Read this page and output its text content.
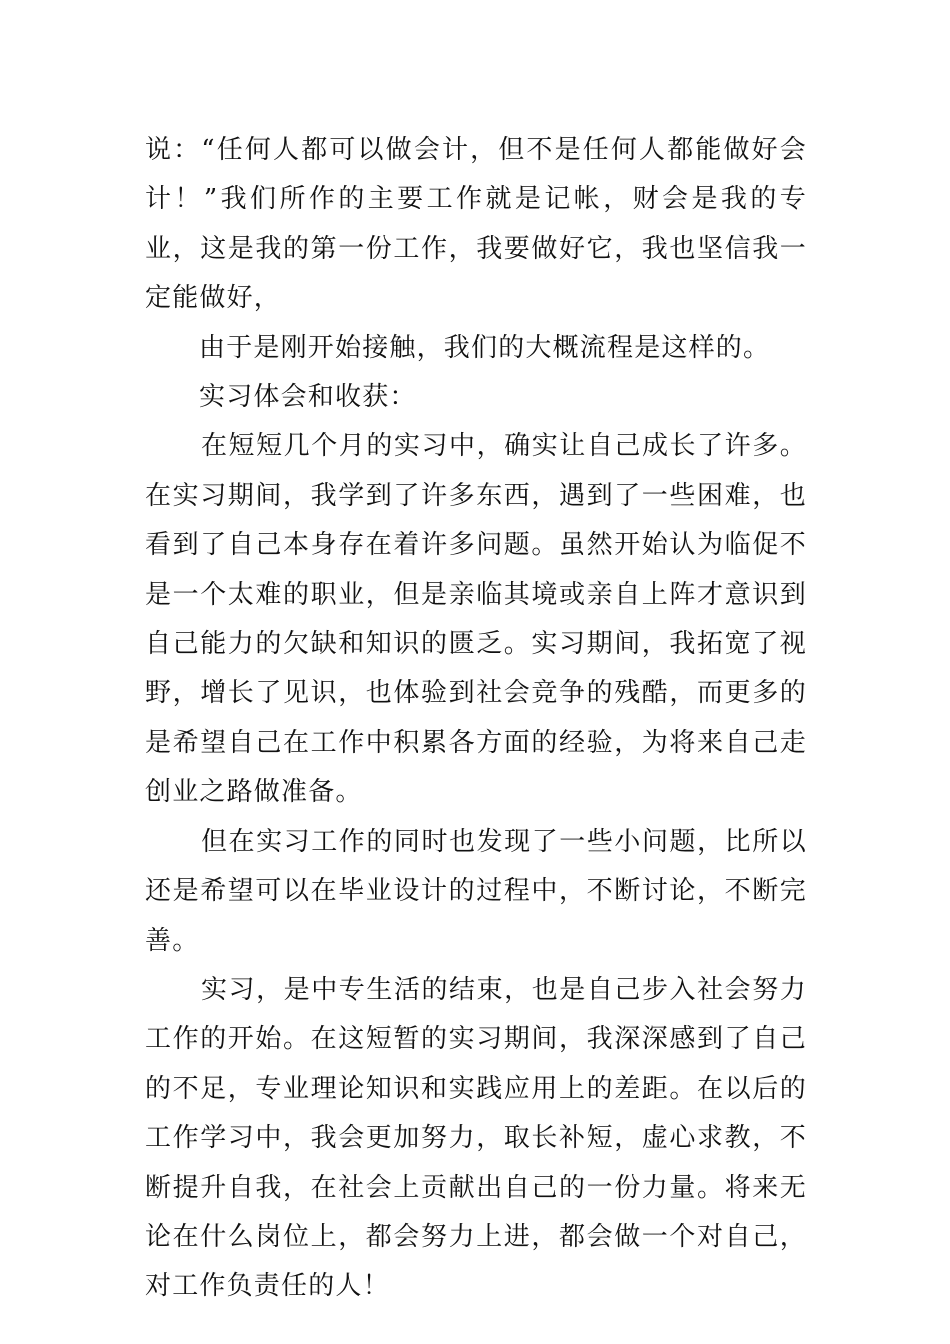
说：“任何人都可以做会计，但不是任何人都能做好会计！”我们所作的主要工作就是记帐，财会是我的专业，这是我的第一份工作，我要做好它，我也坚信我一定能做好，

由于是刚开始接触，我们的大概流程是这样的。

实习体会和收获：

在短短几个月的实习中，确实让自己成长了许多。在实习期间，我学到了许多东西，遇到了一些困难，也看到了自己本身存在着许多问题。虽然开始认为临促不是一个太难的职业，但是亲临其境或亲自上阵才意识到自己能力的欠缺和知识的匮乏。实习期间，我拓宽了视野，增长了见识，也体验到社会竞争的残酷，而更多的是希望自己在工作中积累各方面的经验，为将来自己走创业之路做准备。

但在实习工作的同时也发现了一些小问题，比所以还是希望可以在毕业设计的过程中，不断讨论，不断完善。

实习，是中专生活的结束，也是自己步入社会努力工作的开始。在这短暂的实习期间，我深深感到了自己的不足，专业理论知识和实践应用上的差距。在以后的工作学习中，我会更加努力，取长补短，虚心求教，不断提升自我，在社会上贡献出自己的一份力量。将来无论在什么岗位上，都会努力上进，都会做一个对自己，对工作负责任的人！
